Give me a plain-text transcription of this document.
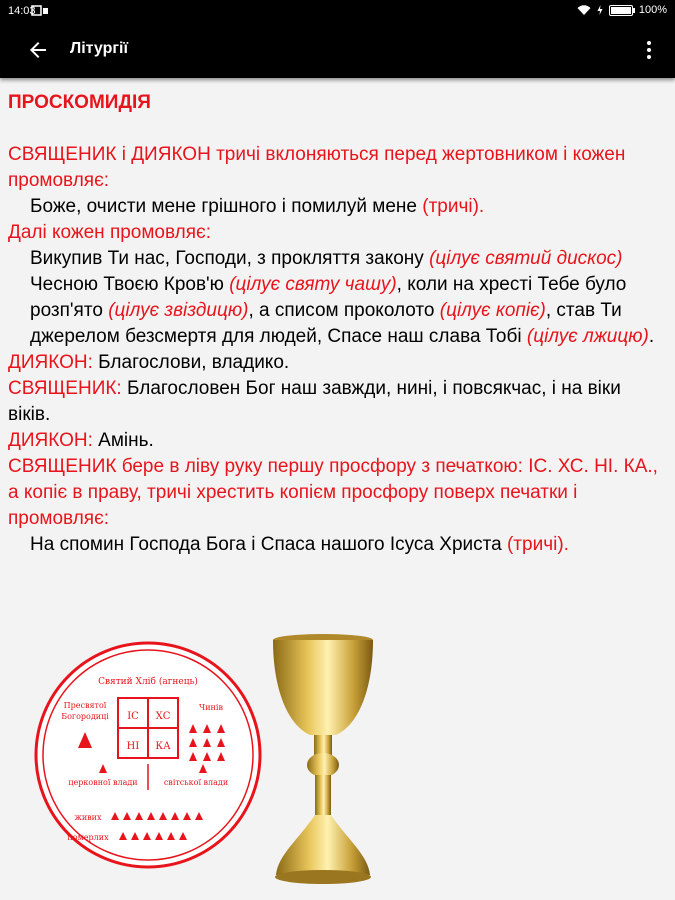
14:03	100%
Літургії
ПРОСКОМИДІЯ

СВЯЩЕНИК і ДИЯКОН тричі вклоняються перед жертовником і кожен промовляє:

Боже, очисти мене грішного і помилуй мене (тричі).

Далі кожен промовляє:

Викупив Ти нас, Господи, з прокляття закону (цілує святий дискос) Чесною Твоєю Кров'ю (цілує святу чашу), коли на хресті Тебе було розп'ято (цілує звіздицю), а списом проколото (цілує копіє), став Ти джерелом безсмертя для людей, Спасе наш слава Тобі (цілує лжицю).

ДИЯКОН: Благослови, владико.

СВЯЩЕНИК: Благословен Бог наш завжди, нині, і повсякчас, і на віки віків.

ДИЯКОН: Амінь.

СВЯЩЕНИК бере в ліву руку першу просфору з печаткою: ІС. ХС. НІ. КА., а копіє в праву, тричі хрестить копієм просфору поверх печатки і промовляє:

На спомин Господа Бога і Спаса нашого Ісуса Христа (тричі).

Святий Хліб (агнець)
ІС ХС
НІ КА
Пресвятої
Богородиці
Чинів
церковної влади	світської влади
живих
померлих
